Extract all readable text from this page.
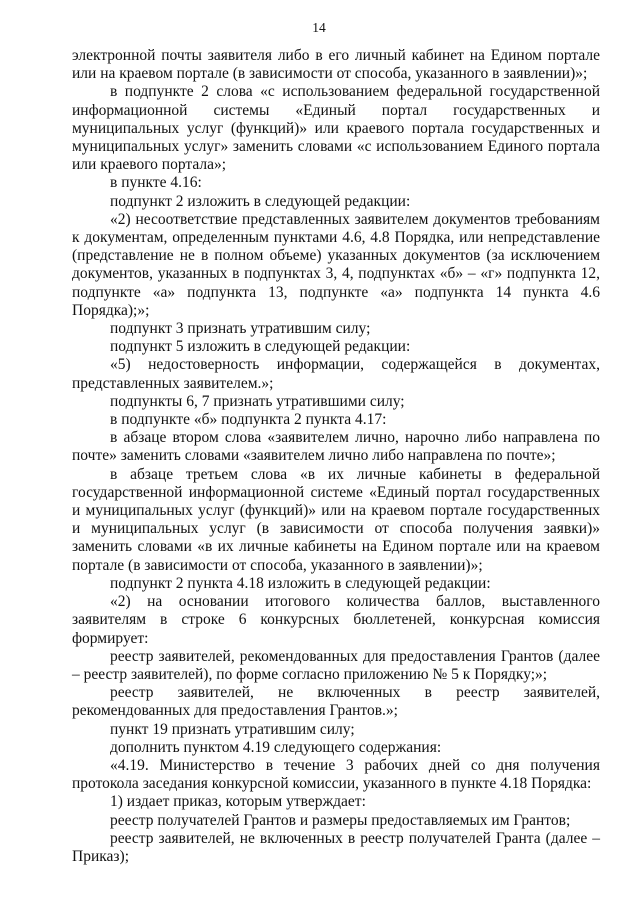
14

электронной почты заявителя либо в его личный кабинет на Едином портале или на краевом портале (в зависимости от способа, указанного в заявлении)»;

в подпункте 2 слова «с использованием федеральной государственной информационной системы «Единый портал государственных и муниципальных услуг (функций)» или краевого портала государственных и муниципальных услуг» заменить словами «с использованием Единого портала или краевого портала»;

в пункте 4.16:

подпункт 2 изложить в следующей редакции:

«2) несоответствие представленных заявителем документов требованиям к документам, определенным пунктами 4.6, 4.8 Порядка, или непредставление (представление не в полном объеме) указанных документов (за исключением документов, указанных в подпунктах 3, 4, подпунктах «б» – «г» подпункта 12, подпункте «а» подпункта 13, подпункте «а» подпункта 14 пункта 4.6 Порядка);»;

подпункт 3 признать утратившим силу;

подпункт 5 изложить в следующей редакции:

«5) недостоверность информации, содержащейся в документах, представленных заявителем.»;

подпункты 6, 7 признать утратившими силу;

в подпункте «б» подпункта 2 пункта 4.17:

в абзаце втором слова «заявителем лично, нарочно либо направлена по почте» заменить словами «заявителем лично либо направлена по почте»;

в абзаце третьем слова «в их личные кабинеты в федеральной государственной информационной системе «Единый портал государственных и муниципальных услуг (функций)» или на краевом портале государственных и муниципальных услуг (в зависимости от способа получения заявки)» заменить словами «в их личные кабинеты на Едином портале или на краевом портале (в зависимости от способа, указанного в заявлении)»;

подпункт 2 пункта 4.18 изложить в следующей редакции:

«2) на основании итогового количества баллов, выставленного заявителям в строке 6 конкурсных бюллетеней, конкурсная комиссия формирует:

реестр заявителей, рекомендованных для предоставления Грантов (далее – реестр заявителей), по форме согласно приложению № 5 к Порядку;»;

реестр заявителей, не включенных в реестр заявителей, рекомендованных для предоставления Грантов.»;

пункт 19 признать утратившим силу;

дополнить пунктом 4.19 следующего содержания:

«4.19. Министерство в течение 3 рабочих дней со дня получения протокола заседания конкурсной комиссии, указанного в пункте 4.18 Порядка:

1) издает приказ, которым утверждает:

реестр получателей Грантов и размеры предоставляемых им Грантов;

реестр заявителей, не включенных в реестр получателей Гранта (далее – Приказ);
